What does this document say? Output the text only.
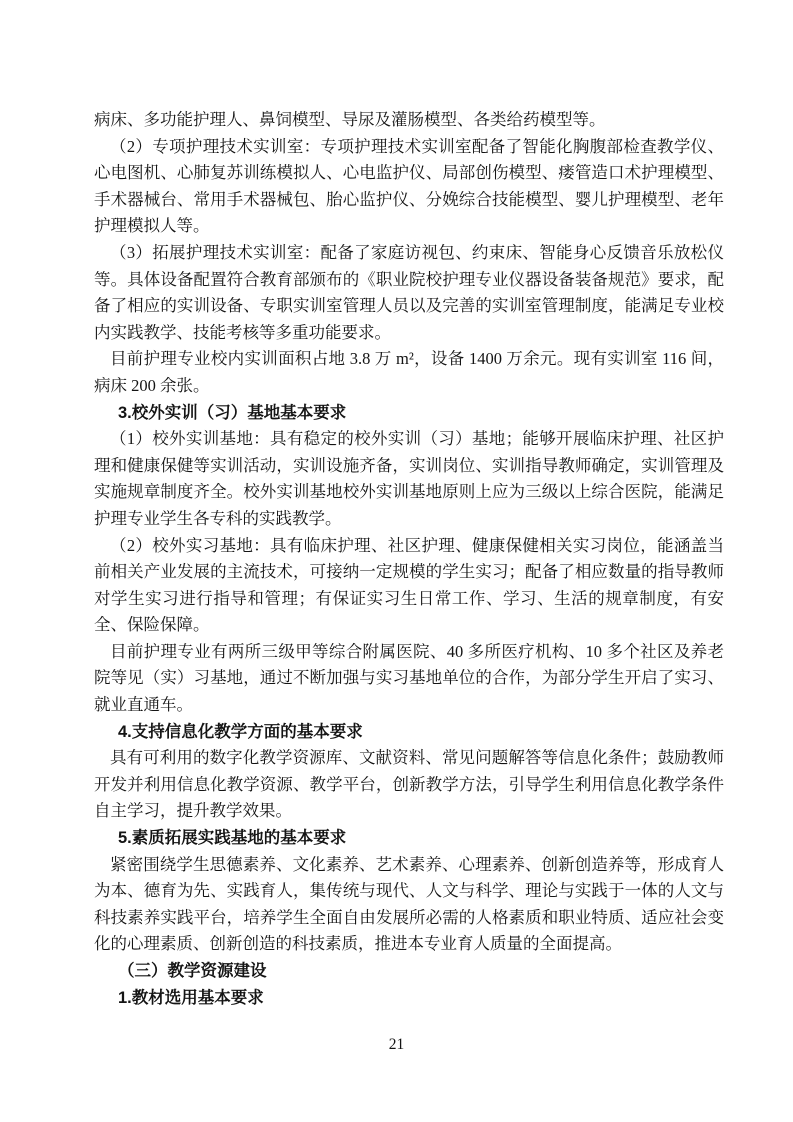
病床、多功能护理人、鼻饲模型、导尿及灌肠模型、各类给药模型等。

（2）专项护理技术实训室：专项护理技术实训室配备了智能化胸腹部检查教学仪、心电图机、心肺复苏训练模拟人、心电监护仪、局部创伤模型、瘘管造口术护理模型、手术器械台、常用手术器械包、胎心监护仪、分娩综合技能模型、婴儿护理模型、老年护理模拟人等。

（3）拓展护理技术实训室：配备了家庭访视包、约束床、智能身心反馈音乐放松仪等。具体设备配置符合教育部颁布的《职业院校护理专业仪器设备装备规范》要求，配备了相应的实训设备、专职实训室管理人员以及完善的实训室管理制度，能满足专业校内实践教学、技能考核等多重功能要求。

目前护理专业校内实训面积占地 3.8 万 m²，设备 1400 万余元。现有实训室 116 间，病床 200 余张。

3.校外实训（习）基地基本要求

（1）校外实训基地：具有稳定的校外实训（习）基地；能够开展临床护理、社区护理和健康保健等实训活动，实训设施齐备，实训岗位、实训指导教师确定，实训管理及实施规章制度齐全。校外实训基地校外实训基地原则上应为三级以上综合医院，能满足护理专业学生各专科的实践教学。

（2）校外实习基地：具有临床护理、社区护理、健康保健相关实习岗位，能涵盖当前相关产业发展的主流技术，可接纳一定规模的学生实习；配备了相应数量的指导教师对学生实习进行指导和管理；有保证实习生日常工作、学习、生活的规章制度，有安全、保险保障。

目前护理专业有两所三级甲等综合附属医院、40 多所医疗机构、10 多个社区及养老院等见（实）习基地，通过不断加强与实习基地单位的合作，为部分学生开启了实习、就业直通车。

4.支持信息化教学方面的基本要求

具有可利用的数字化教学资源库、文献资料、常见问题解答等信息化条件；鼓励教师开发并利用信息化教学资源、教学平台，创新教学方法，引导学生利用信息化教学条件自主学习，提升教学效果。

5.素质拓展实践基地的基本要求

紧密围绕学生思德素养、文化素养、艺术素养、心理素养、创新创造养等，形成育人为本、德育为先、实践育人，集传统与现代、人文与科学、理论与实践于一体的人文与科技素养实践平台，培养学生全面自由发展所必需的人格素质和职业特质、适应社会变化的心理素质、创新创造的科技素质，推进本专业育人质量的全面提高。

（三）教学资源建设

1.教材选用基本要求

21
